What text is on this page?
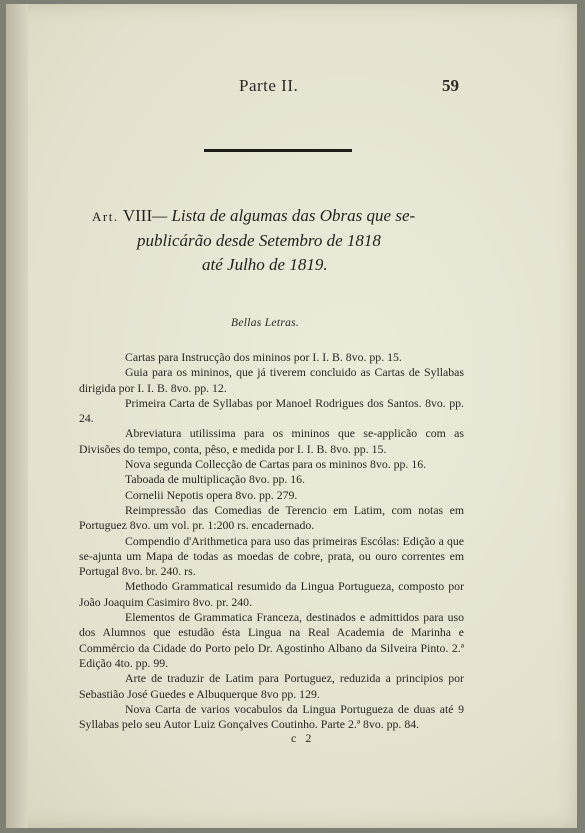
Parte II.	59
Art. VIII— Lista de algumas das Obras que se-
publicárão desde Setembro de 1818
até Julho de 1819.
Bellas Letras.

Cartas para Instrucção dos mininos por I. I. B. 8vo. pp. 15.

Guia para os mininos, que já tiverem concluido as Cartas de Syllabas dirigida por I. I. B. 8vo. pp. 12.

Primeira Carta de Syllabas por Manoel Rodrigues dos Santos. 8vo. pp. 24.

Abreviatura utilissima para os mininos que se-applicão com as Divisões do tempo, conta, pêso, e medida por I. I. B. 8vo. pp. 15.

Nova segunda Collecção de Cartas para os mininos 8vo. pp. 16.

Taboada de multiplicação 8vo. pp. 16.

Cornelii Nepotis opera 8vo. pp. 279.

Reimpressão das Comedias de Terencio em Latim, com notas em Portuguez 8vo. um vol. pr. 1:200 rs. encadernado.

Compendio d'Arithmetica para uso das primeiras Escólas: Edição a que se-ajunta um Mapa de todas as moedas de cobre, prata, ou ouro correntes em Portugal 8vo. br. 240. rs.

Methodo Grammatical resumido da Lingua Portugueza, composto por João Joaquim Casimiro 8vo. pr. 240.

Elementos de Grammatica Franceza, destinados e admittidos para uso dos Alumnos que estudão ésta Lingua na Real Academia de Marinha e Commércio da Cidade do Porto pelo Dr. Agostinho Albano da Silveira Pinto. 2.ª Edição 4to. pp. 99.

Arte de traduzir de Latim para Portuguez, reduzida a principios por Sebastião José Guedes e Albuquerque 8vo pp. 129.

Nova Carta de varios vocabulos da Lingua Portugueza de duas até 9 Syllabas pelo seu Autor Luiz Gonçalves Coutinho. Parte 2.ª 8vo. pp. 84.

c 2
